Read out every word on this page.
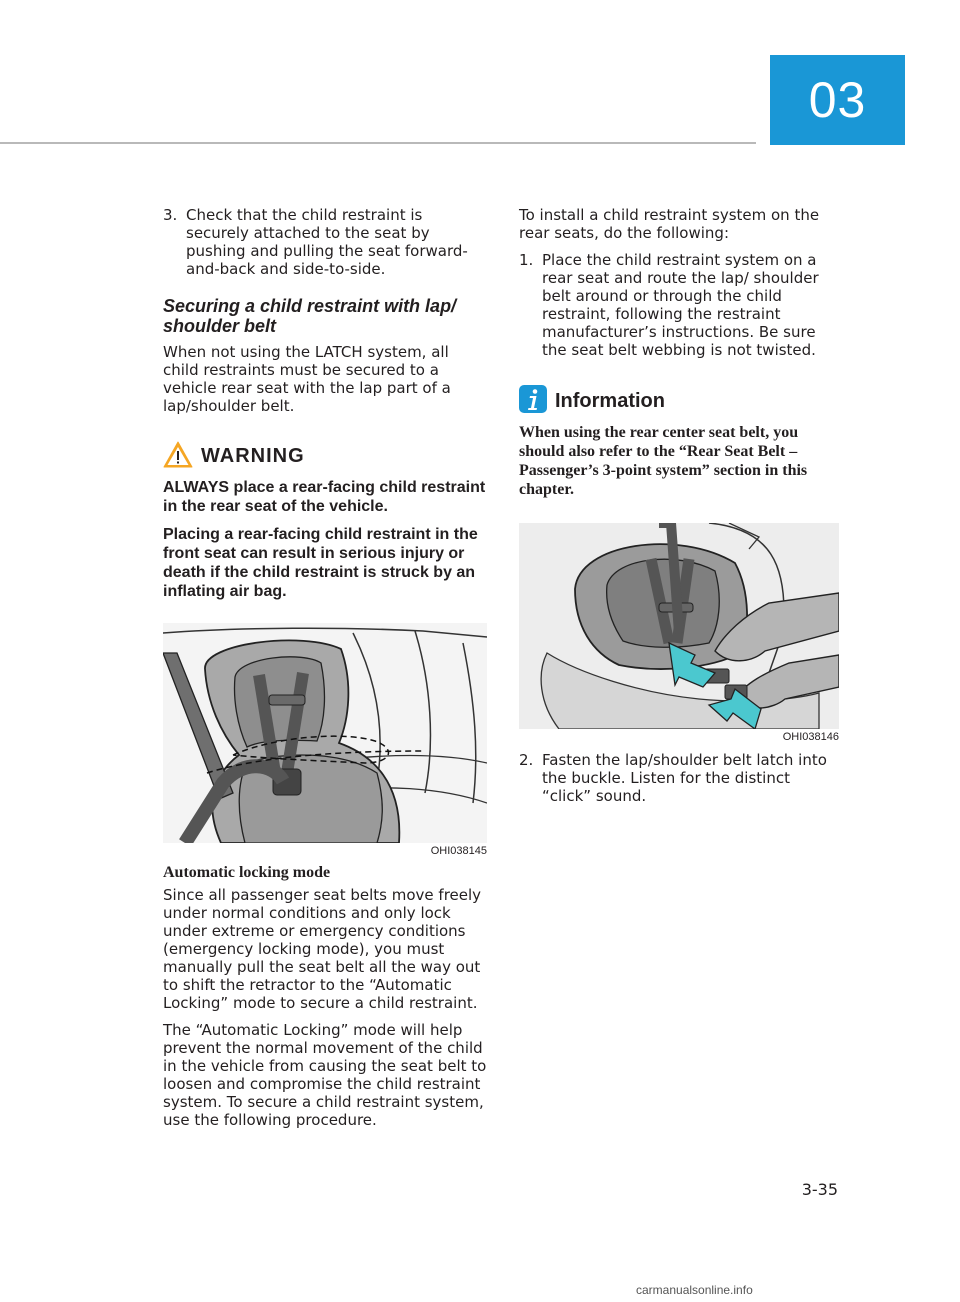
03

3. Check that the child restraint is securely attached to the seat by pushing and pulling the seat forward-and-back and side-to-side.

Securing a child restraint with lap/ shoulder belt

When not using the LATCH system, all child restraints must be secured to a vehicle rear seat with the lap part of a lap/shoulder belt.

WARNING

ALWAYS place a rear-facing child restraint in the rear seat of the vehicle.

Placing a rear-facing child restraint in the front seat can result in serious injury or death if the child restraint is struck by an inflating air bag.

OHI038145

Automatic locking mode

Since all passenger seat belts move freely under normal conditions and only lock under extreme or emergency conditions (emergency locking mode), you must manually pull the seat belt all the way out to shift the retractor to the “Automatic Locking” mode to secure a child restraint.

The “Automatic Locking” mode will help prevent the normal movement of the child in the vehicle from causing the seat belt to loosen and compromise the child restraint system. To secure a child restraint system, use the following procedure.

To install a child restraint system on the rear seats, do the following:

1. Place the child restraint system on a rear seat and route the lap/ shoulder belt around or through the child restraint, following the restraint manufacturer’s instructions. Be sure the seat belt webbing is not twisted.

Information

When using the rear center seat belt, you should also refer to the “Rear Seat Belt – Passenger’s 3-point system” section in this chapter.

OHI038146

2. Fasten the lap/shoulder belt latch into the buckle. Listen for the distinct “click” sound.

3-35
carmanualsonline.info
